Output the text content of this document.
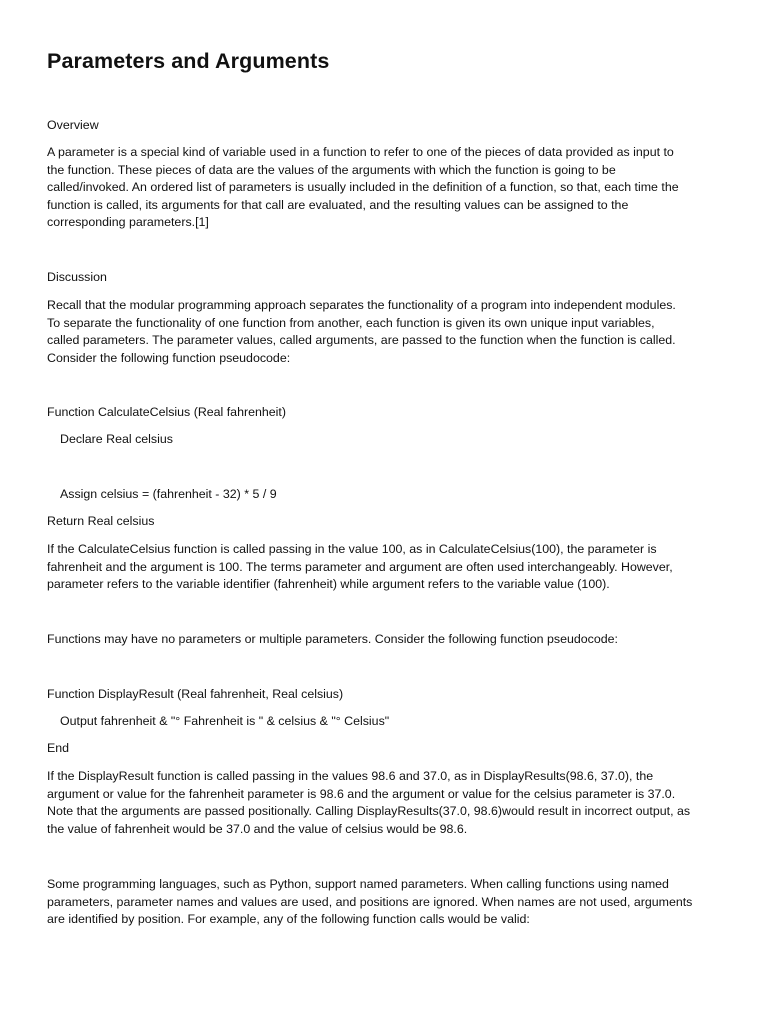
Parameters and Arguments

Overview

A parameter is a special kind of variable used in a function to refer to one of the pieces of data provided as input to
the function. These pieces of data are the values of the arguments with which the function is going to be
called/invoked. An ordered list of parameters is usually included in the definition of a function, so that, each time the
function is called, its arguments for that call are evaluated, and the resulting values can be assigned to the
corresponding parameters.[1]

Discussion

Recall that the modular programming approach separates the functionality of a program into independent modules.
To separate the functionality of one function from another, each function is given its own unique input variables,
called parameters. The parameter values, called arguments, are passed to the function when the function is called.
Consider the following function pseudocode:

Function CalculateCelsius (Real fahrenheit)

Declare Real celsius

Assign celsius = (fahrenheit - 32) * 5 / 9

Return Real celsius

If the CalculateCelsius function is called passing in the value 100, as in CalculateCelsius(100), the parameter is
fahrenheit and the argument is 100. The terms parameter and argument are often used interchangeably. However,
parameter refers to the variable identifier (fahrenheit) while argument refers to the variable value (100).

Functions may have no parameters or multiple parameters. Consider the following function pseudocode:

Function DisplayResult (Real fahrenheit, Real celsius)

Output fahrenheit & "° Fahrenheit is " & celsius & "° Celsius"

End

If the DisplayResult function is called passing in the values 98.6 and 37.0, as in DisplayResults(98.6, 37.0), the
argument or value for the fahrenheit parameter is 98.6 and the argument or value for the celsius parameter is 37.0.
Note that the arguments are passed positionally. Calling DisplayResults(37.0, 98.6)would result in incorrect output, as
the value of fahrenheit would be 37.0 and the value of celsius would be 98.6.

Some programming languages, such as Python, support named parameters. When calling functions using named
parameters, parameter names and values are used, and positions are ignored. When names are not used, arguments
are identified by position. For example, any of the following function calls would be valid:
